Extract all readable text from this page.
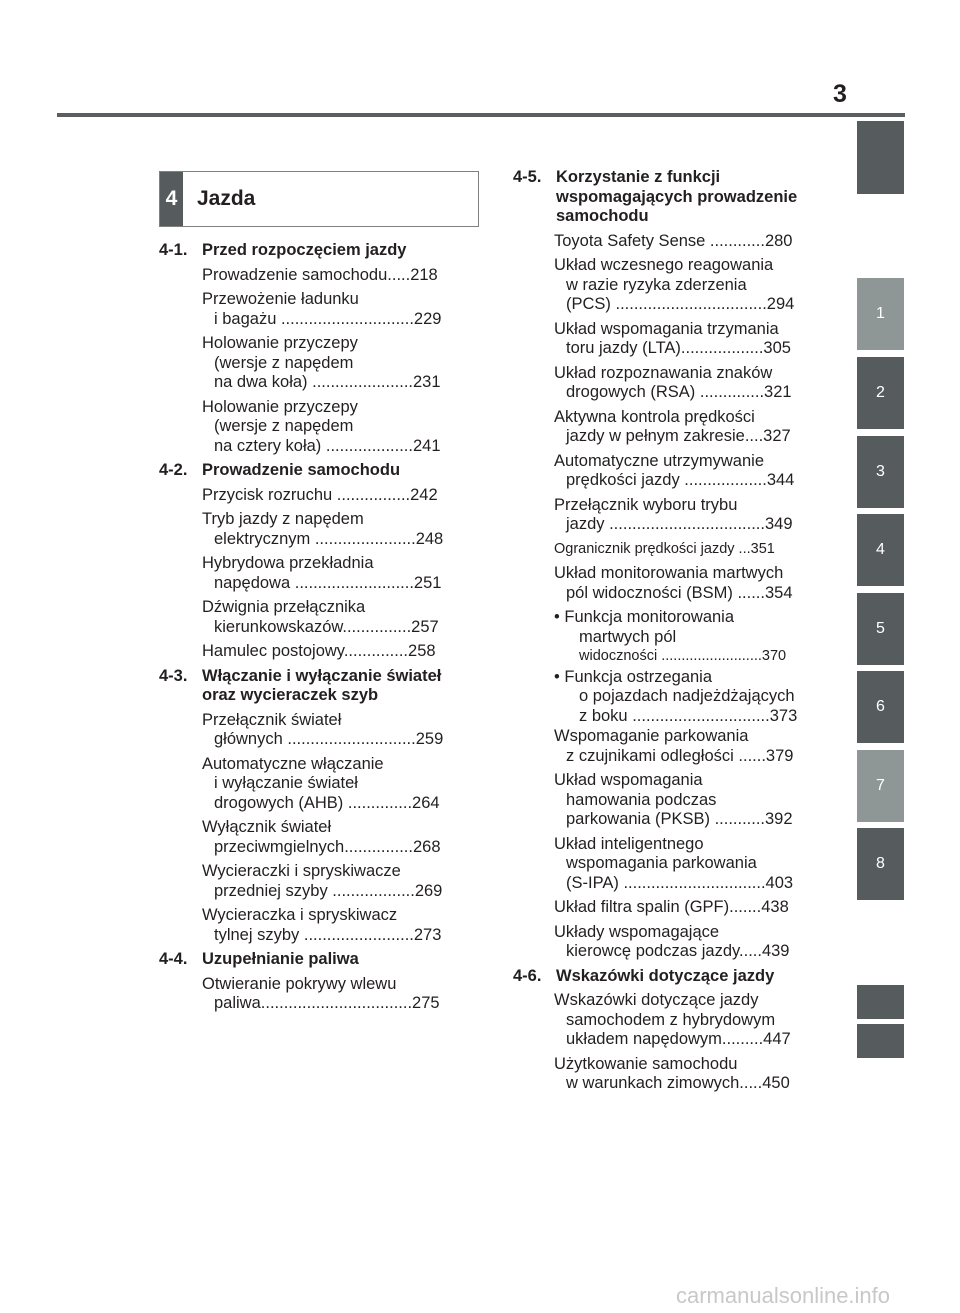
3
1
2
3
4
5
6
7
8
4 Jazda
4-1. Przed rozpoczęciem jazdy
Prowadzenie samochodu.....218
Przewożenie ładunku
i bagażu .............................229
Holowanie przyczepy
(wersje z napędem
na dwa koła) ......................231
Holowanie przyczepy
(wersje z napędem
na cztery koła) ...................241
4-2. Prowadzenie samochodu
Przycisk rozruchu ................242
Tryb jazdy z napędem
elektrycznym ......................248
Hybrydowa przekładnia
napędowa ..........................251
Dźwignia przełącznika
kierunkowskazów...............257
Hamulec postojowy..............258
4-3. Włączanie i wyłączanie świateł oraz wycieraczek szyb
Przełącznik świateł
głównych ............................259
Automatyczne włączanie
i wyłączanie świateł
drogowych (AHB) ..............264
Wyłącznik świateł
przeciwmgielnych...............268
Wycieraczki i spryskiwacze
przedniej szyby ..................269
Wycieraczka i spryskiwacz
tylnej szyby ........................273
4-4. Uzupełnianie paliwa
Otwieranie pokrywy wlewu
paliwa.................................275
4-5. Korzystanie z funkcji wspomagających prowadzenie samochodu
Toyota Safety Sense ............280
Układ wczesnego reagowania
w razie ryzyka zderzenia
(PCS) .................................294
Układ wspomagania trzymania
toru jazdy (LTA)..................305
Układ rozpoznawania znaków
drogowych (RSA) ..............321
Aktywna kontrola prędkości
jazdy w pełnym zakresie....327
Automatyczne utrzymywanie
prędkości jazdy ..................344
Przełącznik wyboru trybu
jazdy ..................................349
Ogranicznik prędkości jazdy ...351
Układ monitorowania martwych
pól widoczności (BSM) ......354
• Funkcja monitorowania
martwych pól
widoczności .........................370
• Funkcja ostrzegania
o pojazdach nadjeżdżających
z boku ..............................373
Wspomaganie parkowania
z czujnikami odległości ......379
Układ wspomagania
hamowania podczas
parkowania (PKSB) ...........392
Układ inteligentnego
wspomagania parkowania
(S-IPA) ...............................403
Układ filtra spalin (GPF).......438
Układy wspomagające
kierowcę podczas jazdy.....439
4-6. Wskazówki dotyczące jazdy
Wskazówki dotyczące jazdy
samochodem z hybrydowym
układem napędowym.........447
Użytkowanie samochodu
w warunkach zimowych.....450
carmanualsonline.info
